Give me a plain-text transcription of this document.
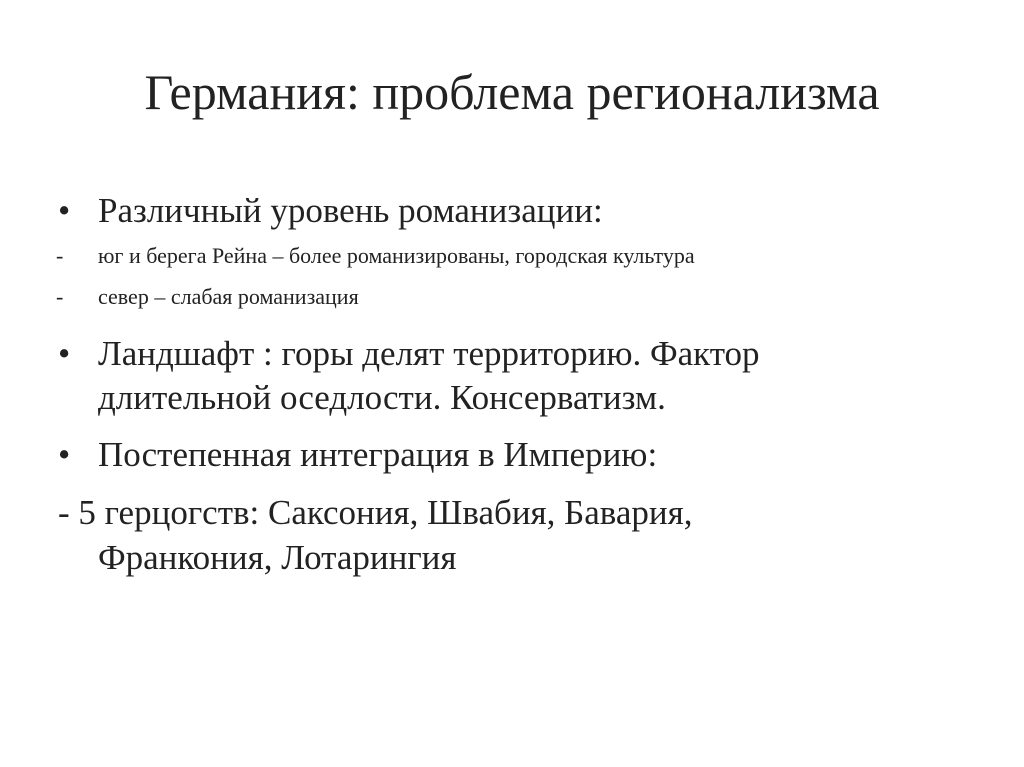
Германия: проблема регионализма
• Различный уровень романизации:
- юг и берега Рейна – более романизированы, городская культура
- север – слабая романизация
• Ландшафт : горы делят территорию. Фактор
длительной оседлости. Консерватизм.
• Постепенная интеграция в Империю:
- 5 герцогств: Саксония, Швабия, Бавария,
Франкония, Лотарингия
